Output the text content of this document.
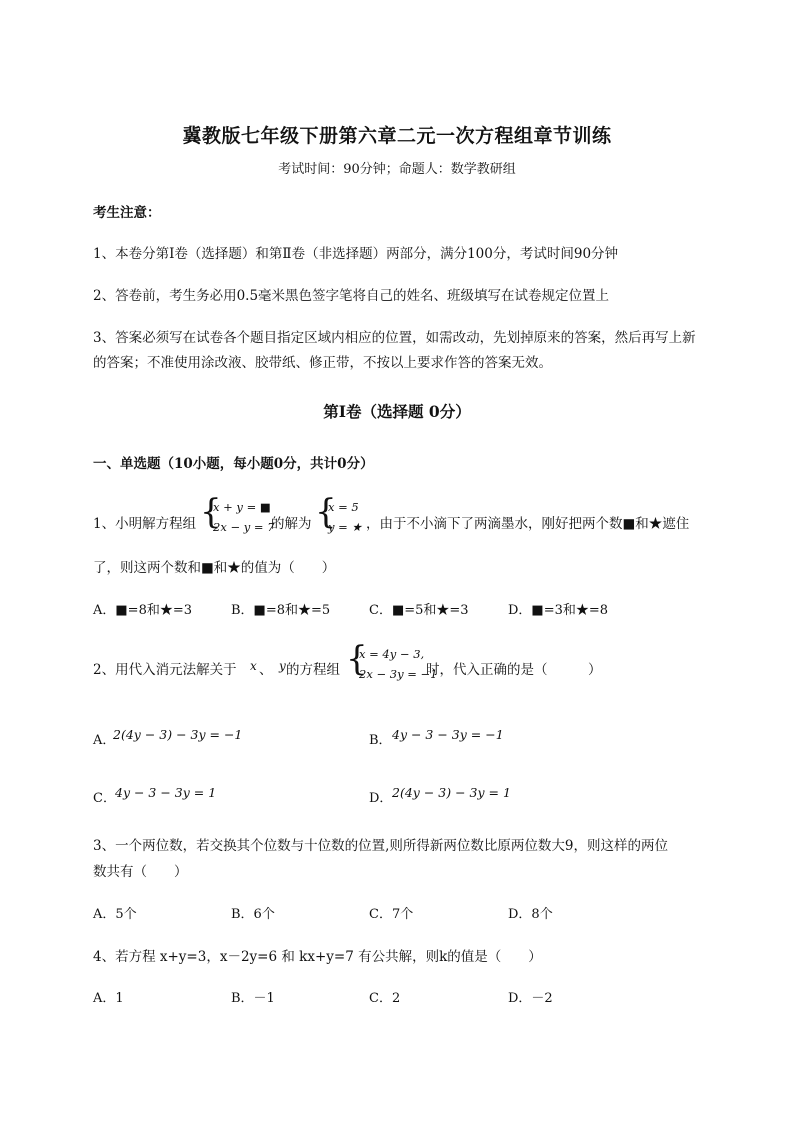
冀教版七年级下册第六章二元一次方程组章节训练
考试时间：90分钟；命题人：数学教研组
考生注意：
1、本卷分第Ⅰ卷（选择题）和第Ⅱ卷（非选择题）两部分，满分100分，考试时间90分钟
2、答卷前，考生务必用0.5毫米黑色签字笔将自己的姓名、班级填写在试卷规定位置上
3、答案必须写在试卷各个题目指定区域内相应的位置，如需改动，先划掉原来的答案，然后再写上新
的答案；不准使用涂改液、胶带纸、修正带，不按以上要求作答的答案无效。
第Ⅰ卷（选择题 0分）
一、单选题（10小题，每小题0分，共计0分）
1、小明解方程组 {
x + y = ■
2x − y = 7
的解为 {
x = 5
y = ★ ，由于不小滴下了两滴墨水，刚好把两个数■和★遮住
了，则这两个数和■和★的值为（　　）
A．■=8和★=3	B．■=8和★=5	C．■=5和★=3	D．■=3和★=8
2、用代入消元法解关于 x 、 y 的方程组 {
x = 4y − 3,
2x − 3y = −1
时，代入正确的是（　　　）
A．
2(4y − 3) − 3y = −1	B． 4y − 3 − 3y = −1
C． 4y − 3 − 3y = 1	D． 2(4y − 3) − 3y = 1
3、一个两位数，若交换其个位数与十位数的位置,则所得新两位数比原两位数大9，则这样的两位
数共有（　　）
A．5个	B．6个	C．7个	D．8个
4、若方程 x+y=3，x－2y=6 和 kx+y=7 有公共解，则k的值是（　　）
A．1	B．－1	C．2	D．－2
